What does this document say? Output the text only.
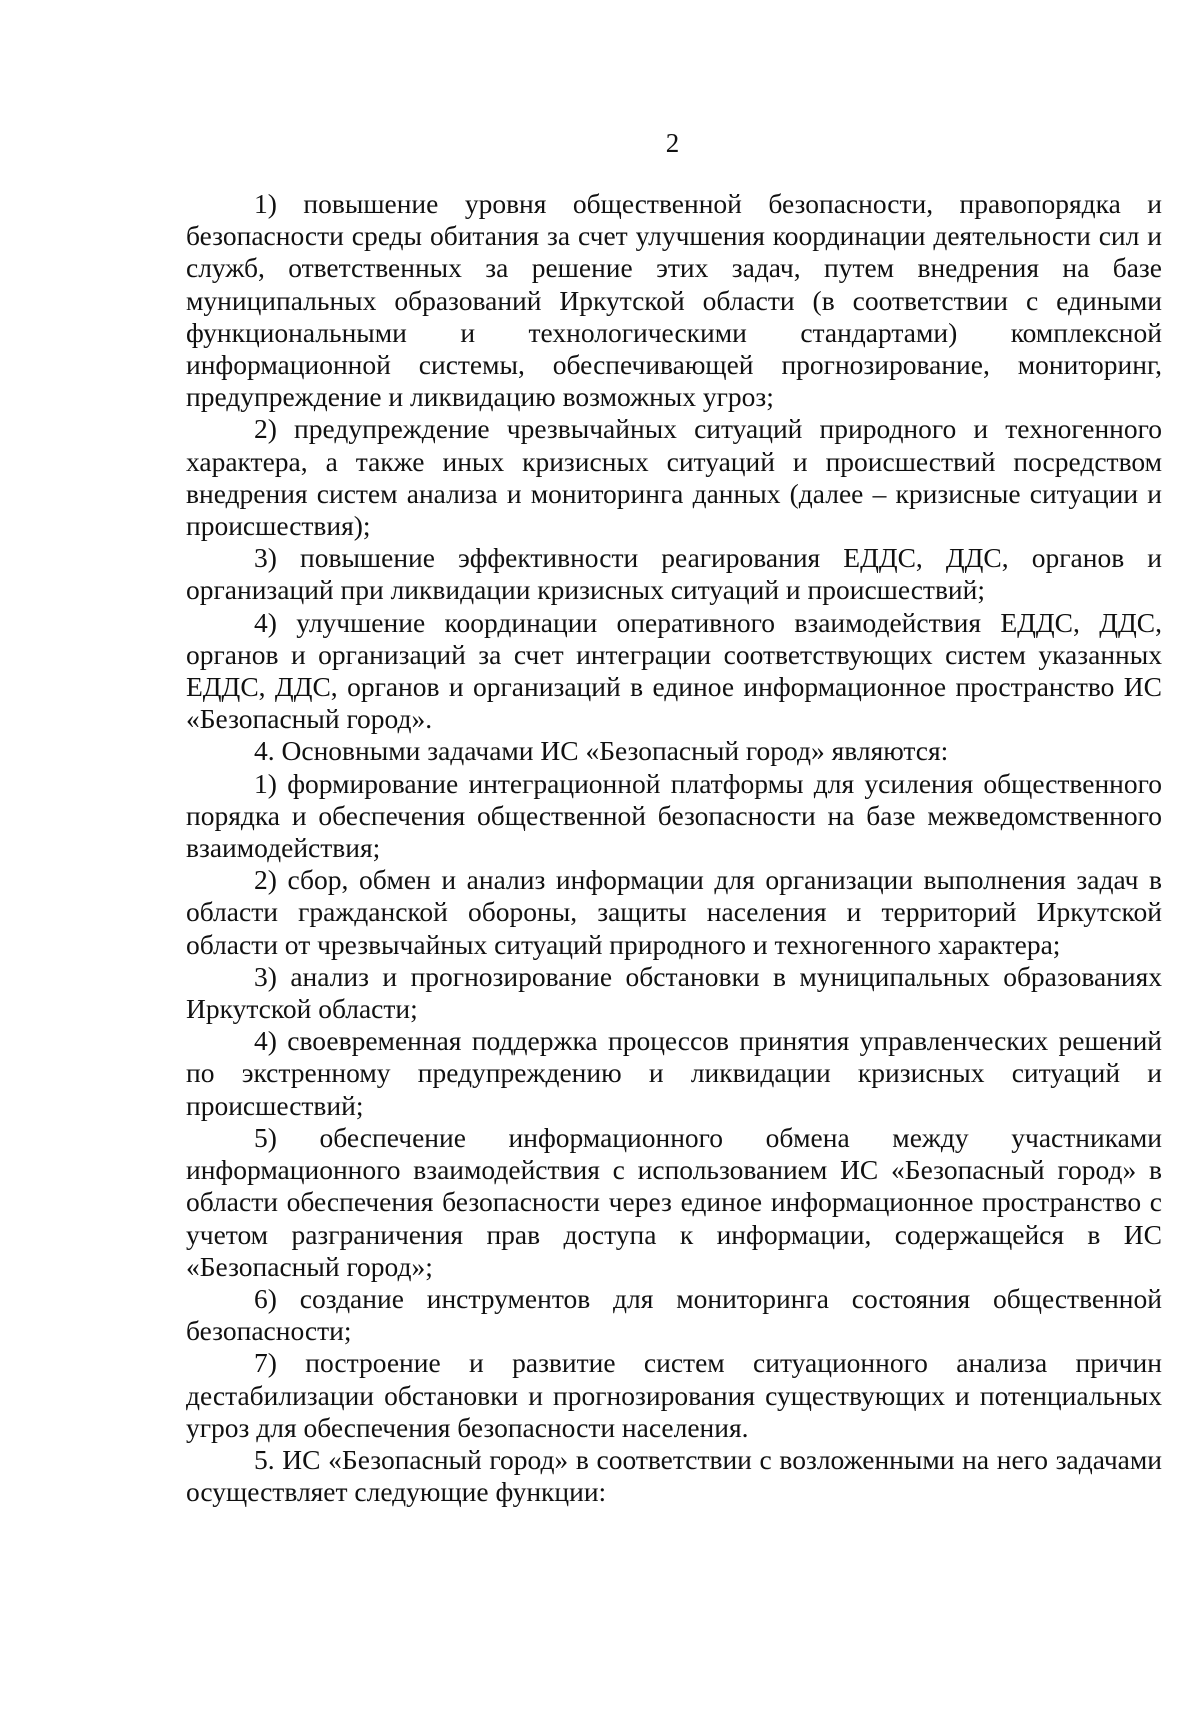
2

1) повышение уровня общественной безопасности, правопорядка и безопасности среды обитания за счет улучшения координации деятельности сил и служб, ответственных за решение этих задач, путем внедрения на базе муниципальных образований Иркутской области (в соответствии с едиными функциональными и технологическими стандартами) комплексной информационной системы, обеспечивающей прогнозирование, мониторинг, предупреждение и ликвидацию возможных угроз;

2) предупреждение чрезвычайных ситуаций природного и техногенного характера, а также иных кризисных ситуаций и происшествий посредством внедрения систем анализа и мониторинга данных (далее – кризисные ситуации и происшествия);

3) повышение эффективности реагирования ЕДДС, ДДС, органов и организаций при ликвидации кризисных ситуаций и происшествий;

4) улучшение координации оперативного взаимодействия ЕДДС, ДДС, органов и организаций за счет интеграции соответствующих систем указанных ЕДДС, ДДС, органов и организаций в единое информационное пространство ИС «Безопасный город».

4. Основными задачами ИС «Безопасный город» являются:

1) формирование интеграционной платформы для усиления общественного порядка и обеспечения общественной безопасности на базе межведомственного взаимодействия;

2) сбор, обмен и анализ информации для организации выполнения задач в области гражданской обороны, защиты населения и территорий Иркутской области от чрезвычайных ситуаций природного и техногенного характера;

3) анализ и прогнозирование обстановки в муниципальных образованиях Иркутской области;

4) своевременная поддержка процессов принятия управленческих решений по экстренному предупреждению и ликвидации кризисных ситуаций и происшествий;

5) обеспечение информационного обмена между участниками информационного взаимодействия с использованием ИС «Безопасный город» в области обеспечения безопасности через единое информационное пространство с учетом разграничения прав доступа к информации, содержащейся в ИС «Безопасный город»;

6) создание инструментов для мониторинга состояния общественной безопасности;

7) построение и развитие систем ситуационного анализа причин дестабилизации обстановки и прогнозирования существующих и потенциальных угроз для обеспечения безопасности населения.

5. ИС «Безопасный город» в соответствии с возложенными на него задачами осуществляет следующие функции:
